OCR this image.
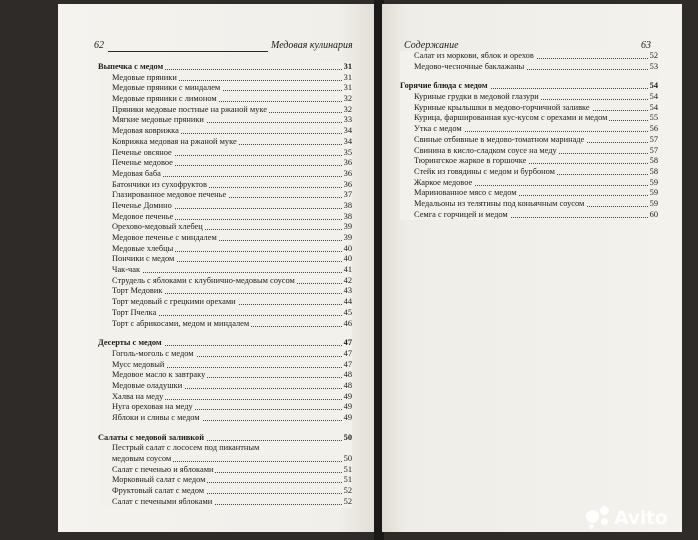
62	Медовая кулинария
Выпечка с медом	31
Медовые пряники	31
Медовые пряники с миндалем	31
Медовые пряники с лимоном	32
Пряники медовые постные на ржаной муке	32
Мягкие медовые пряники	33
Медовая коврижка	34
Коврижка медовая на ржаной муке	34
Печенье овсяное	35
Печенье медовое	36
Медовая баба	36
Батончики из сухофруктов	36
Глазированное медовое печенье	37
Печенье Домино	38
Медовое печенье	38
Орехово-медовый хлебец	39
Медовое печенье с миндалем	39
Медовые хлебцы	40
Пончики с медом	40
Чак-чак	41
Струдель с яблоками с клубнично-медовым соусом	42
Торт Медовик	43
Торт медовый с грецкими орехами	44
Торт Пчелка	45
Торт с абрикосами, медом и миндалем	46
Десерты с медом	47
Гоголь-моголь с медом	47
Мусс медовый	47
Медовое масло к завтраку	48
Медовые оладушки	48
Халва на меду	49
Нуга ореховая на меду	49
Яблоки и сливы с медом	49
Салаты с медовой заливкой	50
Пестрый салат с лососем под пикантным
медовым соусом	50
Салат с печенью и яблоками	51
Морковный салат с медом	51
Фруктовый салат с медом	52
Салат с печеными яблоками	52
Содержание	63
Салат из моркови, яблок и орехов	52
Медово-чесночные баклажаны	53
Горячие блюда с медом	54
Куриные грудки в медовой глазури	54
Куриные крылышки в медово-горчичной заливке	54
Курица, фаршированная кус-кусом с орехами и медом	55
Утка с медом	56
Свиные отбивные в медово-томатном маринаде	57
Свинина в кисло-сладком соусе на меду	57
Тюрингское жаркое в горшочке	58
Стейк из говядины с медом и бурбоном	58
Жаркое медовое	59
Маринованное мясо с медом	59
Медальоны из телятины под коньячным соусом	59
Семга с горчицей и медом	60
Avito
